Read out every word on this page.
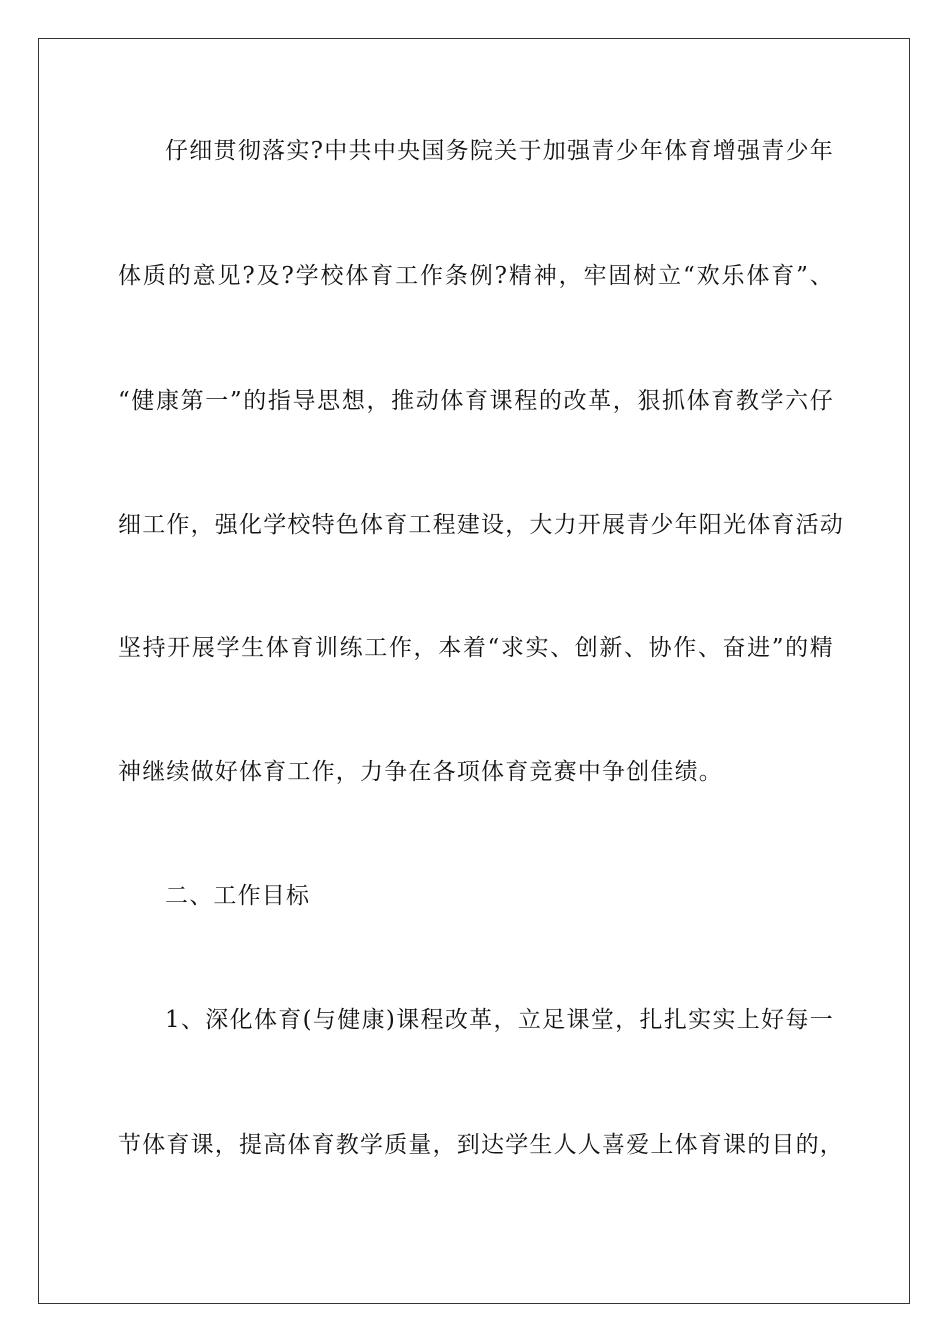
仔细贯彻落实?中共中央国务院关于加强青少年体育增强青少年
体质的意见?及?学校体育工作条例?精神，牢固树立“欢乐体育”、
“健康第一”的指导思想，推动体育课程的改革，狠抓体育教学六仔
细工作，强化学校特色体育工程建设，大力开展青少年阳光体育活动
坚持开展学生体育训练工作，本着“求实、创新、协作、奋进”的精
神继续做好体育工作，力争在各项体育竞赛中争创佳绩。
二、工作目标
1、深化体育(与健康)课程改革，立足课堂，扎扎实实上好每一
节体育课，提高体育教学质量，到达学生人人喜爱上体育课的目的，
